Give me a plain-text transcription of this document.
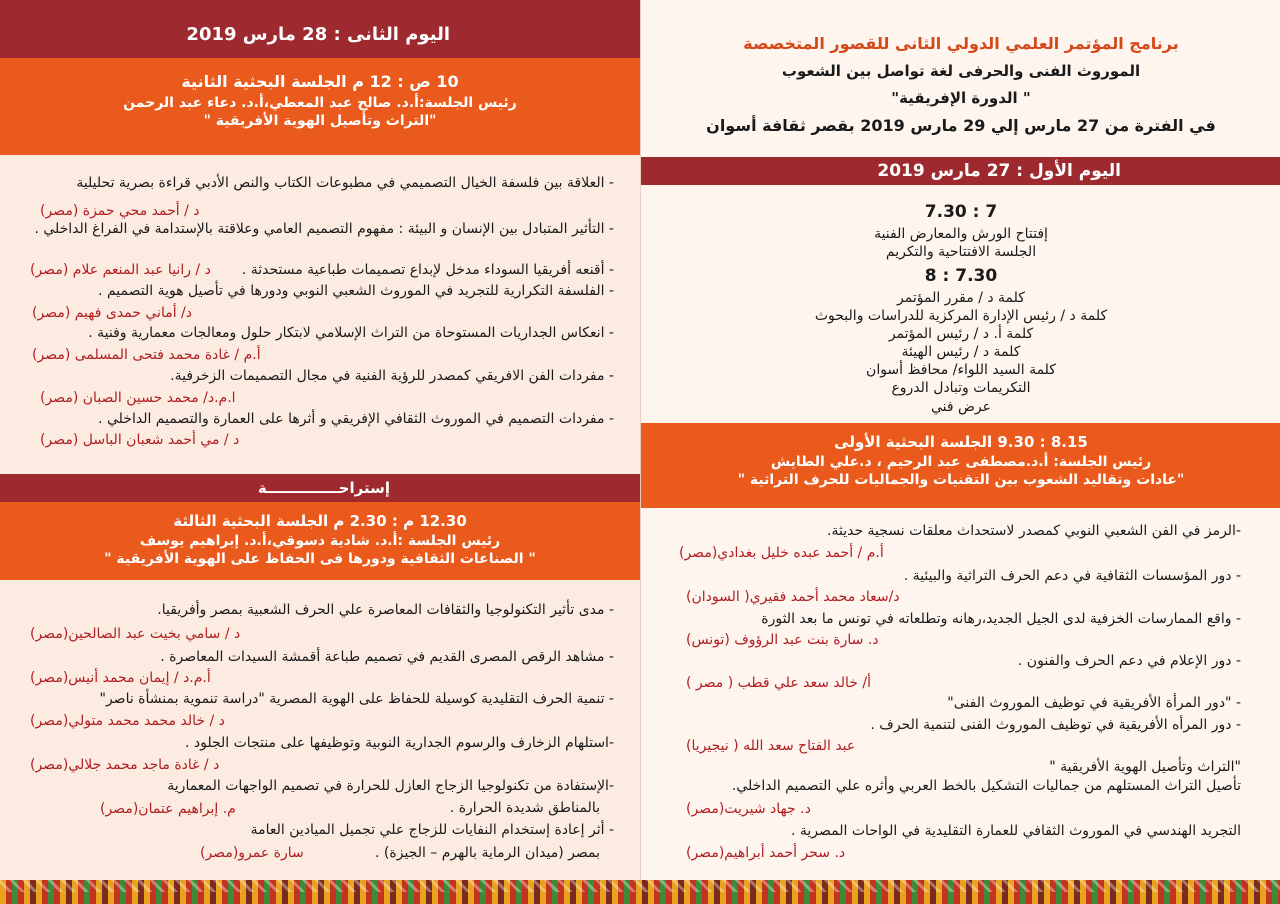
اليوم الثانى : 28 مارس 2019
10 ص : 12 م الجلسة البحثية الثانية
رئيس الجلسة:أ.د. صالح عبد المعطي،أ.د. دعاء عبد الرحمن
"التراث وتأصيل الهوية الأفريقية "
- العلاقة بين فلسفة الخيال التصميمي في مطبوعات الكتاب والنص الأدبي قراءة بصرية تحليلية
د / أحمد محي حمزة (مصر)
- التأثير المتبادل بين الإنسان و البيئة : مفهوم التصميم العامي وعلاقتة بالإستدامة في الفراغ الداخلي .
- أقنعه أفريقيا السوداء مدخل لإبداع تصميمات طباعية مستحدثة .
د / رانيا عبد المنعم علام (مصر)
- الفلسفة التكرارية للتجريد في الموروث الشعبي النوبي ودورها في تأصيل هوية التصميم .
د/ أماني حمدى فهيم (مصر)
- انعكاس الجداريات المستوحاة من التراث الإسلامي لابتكار حلول ومعالجات معمارية وفنية .
أ.م / غادة محمد فتحى المسلمى (مصر)
- مفردات الفن الافريقي كمصدر للرؤية الفنية في مجال التصميمات الزخرفية.
ا.م.د/ محمد حسين الصبان (مصر)
- مفردات التصميم في الموروث الثقافي الإفريقي و أثرها على العمارة والتصميم الداخلي .
د / مي أحمد شعبان الباسل (مصر)
إستراحــــــــــــــة
12.30 م : 2.30 م الجلسة البحثية الثالثة
رئيس الجلسة :أ.د. شادية دسوقي،أ.د. إبراهيم يوسف
" الصناعات الثقافية ودورها فى الحفاظ على الهوية الأفريقية "
- مدى تأثير التكنولوجيا والثقافات المعاصرة علي الحرف الشعبية بمصر وأفريقيا.
د / سامي بخيت عبد الصالحين(مصر)
- مشاهد الرقص المصرى القديم في تصميم طباعة أقمشة السيدات المعاصرة .
أ.م.د / إيمان محمد أنيس(مصر)
- تنمية الحرف التقليدية كوسيلة للحفاظ على الهوية المصرية "دراسة تنموية بمنشأة ناصر"
د / خالد محمد محمد متولي(مصر)
-استلهام الزخارف والرسوم الجدارية النوبية وتوظيفها على منتجات الجلود .
د / غادة ماجد محمد جلالي(مصر)
-الإستفادة من تكنولوجيا الزجاج العازل للحرارة في تصميم الواجهات المعمارية
بالمناطق شديدة الحرارة .
م. إبراهيم عتمان(مصر)
- أثر إعادة إستخدام النفايات للزجاج علي تجميل الميادين العامة
بمصر (ميدان الرماية بالهرم – الجيزة) .
سارة عمرو(مصر)
برنامج المؤتمر العلمي الدولي الثانى للقصور المتخصصة
الموروث الفنى والحرفى لغة تواصل بين الشعوب
" الدورة الإفريقية"
في الفترة من 27 مارس إلي 29 مارس 2019 بقصر ثقافة أسوان
اليوم الأول : 27 مارس 2019
7 : 7.30
إفتتاح الورش والمعارض الفنية
الجلسة الافتتاحية والتكريم
7.30 : 8
كلمة د / مقرر المؤتمر
كلمة د / رئيس الإدارة المركزية للدراسات والبحوث
كلمة أ. د / رئيس المؤتمر
كلمة د / رئيس الهيئة
كلمة السيد اللواء/ محافظ أسوان
التكريمات وتبادل الدروع
عرض فني
8.15 : 9.30 الجلسة البحثية الأولى
رئيس الجلسة: أ.د.مصطفى عبد الرحيم ، د.علي الطايش
"عادات وتقاليد الشعوب بين التقنيات والجماليات للحرف التراثية "
-الرمز في الفن الشعبي النوبي كمصدر لاستحداث معلقات نسجية حديثة.
أ.م / أحمد عبده خليل بغدادي(مصر)
- دور المؤسسات الثقافية في دعم الحرف التراثية والبيئية .
د/سعاد محمد أحمد فقيري( السودان)
- واقع الممارسات الخزفية لدى الجيل الجديد،رهانه وتطلعاته في تونس ما بعد الثورة
د. سارة بنت عبد الرؤوف (تونس)
- دور الإعلام في دعم الحرف والفنون .
أ/ خالد سعد علي قطب ( مصر )
- "دور المرأة الأفريقية في توظيف الموروث الفنى"
- دور المرأه الأفريقية في توظيف الموروث الفنى لتنمية الحرف .
عبد الفتاح سعد الله ( نيجيريا)
"التراث وتأصيل الهوية الأفريقية "
تأصيل التراث المستلهم من جماليات التشكيل بالخط العربي وأثره علي التصميم الداخلي.
د. جهاد شيريت(مصر)
التجريد الهندسي في الموروث الثقافي للعمارة التقليدية في الواحات المصرية .
د. سحر أحمد أبراهيم(مصر)
